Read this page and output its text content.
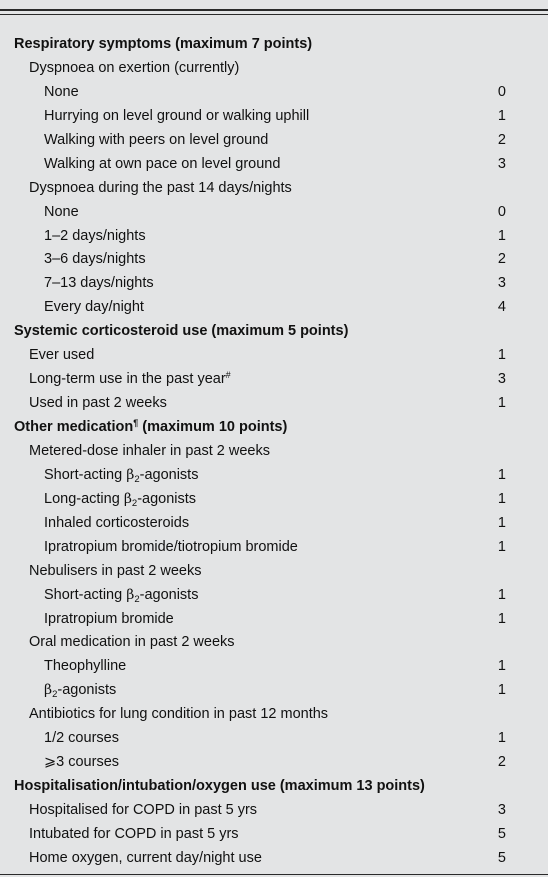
Respiratory symptoms (maximum 7 points)
Dyspnoea on exertion (currently)
None	0
Hurrying on level ground or walking uphill	1
Walking with peers on level ground	2
Walking at own pace on level ground	3
Dyspnoea during the past 14 days/nights
None	0
1–2 days/nights	1
3–6 days/nights	2
7–13 days/nights	3
Every day/night	4
Systemic corticosteroid use (maximum 5 points)
Ever used	1
Long-term use in the past year#	3
Used in past 2 weeks	1
Other medication¶ (maximum 10 points)
Metered-dose inhaler in past 2 weeks
Short-acting $\beta_2$-agonists	1
Long-acting $\beta_2$-agonists	1
Inhaled corticosteroids	1
Ipratropium bromide/tiotropium bromide	1
Nebulisers in past 2 weeks
Short-acting $\beta_2$-agonists	1
Ipratropium bromide	1
Oral medication in past 2 weeks
Theophylline	1
$\beta_2$-agonists	1
Antibiotics for lung condition in past 12 months
1/2 courses	1
⩾3 courses	2
Hospitalisation/intubation/oxygen use (maximum 13 points)
Hospitalised for COPD in past 5 yrs	3
Intubated for COPD in past 5 yrs	5
Home oxygen, current day/night use	5
